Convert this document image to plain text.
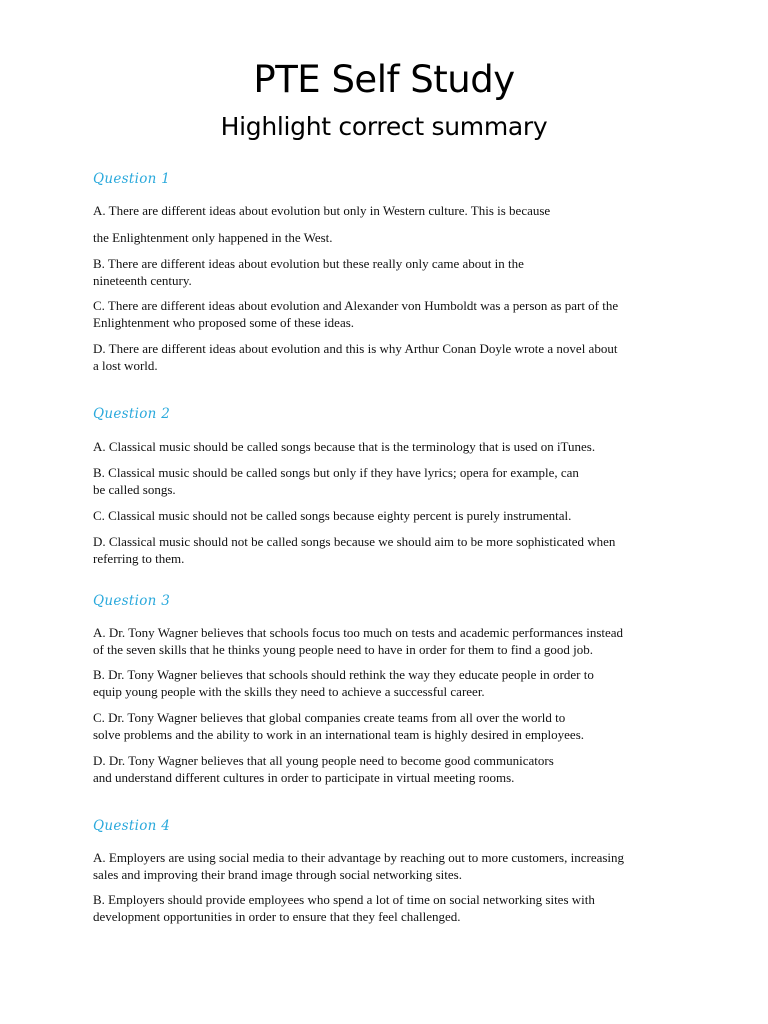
PTE Self Study
Highlight correct summary

Question 1

A. There are different ideas about evolution but only in Western culture. This is because

the Enlightenment only happened in the West.

B. There are different ideas about evolution but these really only came about in the
nineteenth century.

C. There are different ideas about evolution and Alexander von Humboldt was a person as part of the
Enlightenment who proposed some of these ideas.

D. There are different ideas about evolution and this is why Arthur Conan Doyle wrote a novel about
a lost world.

Question 2

A. Classical music should be called songs because that is the terminology that is used on iTunes.

B. Classical music should be called songs but only if they have lyrics; opera for example, can
be called songs.

C. Classical music should not be called songs because eighty percent is purely instrumental.

D. Classical music should not be called songs because we should aim to be more sophisticated when
referring to them.

Question 3

A. Dr. Tony Wagner believes that schools focus too much on tests and academic performances instead
of the seven skills that he thinks young people need to have in order for them to find a good job.

B. Dr. Tony Wagner believes that schools should rethink the way they educate people in order to
equip young people with the skills they need to achieve a successful career.

C. Dr. Tony Wagner believes that global companies create teams from all over the world to
solve problems and the ability to work in an international team is highly desired in employees.

D. Dr. Tony Wagner believes that all young people need to become good communicators
and understand different cultures in order to participate in virtual meeting rooms.

Question 4

A. Employers are using social media to their advantage by reaching out to more customers, increasing
sales and improving their brand image through social networking sites.

B. Employers should provide employees who spend a lot of time on social networking sites with
development opportunities in order to ensure that they feel challenged.
